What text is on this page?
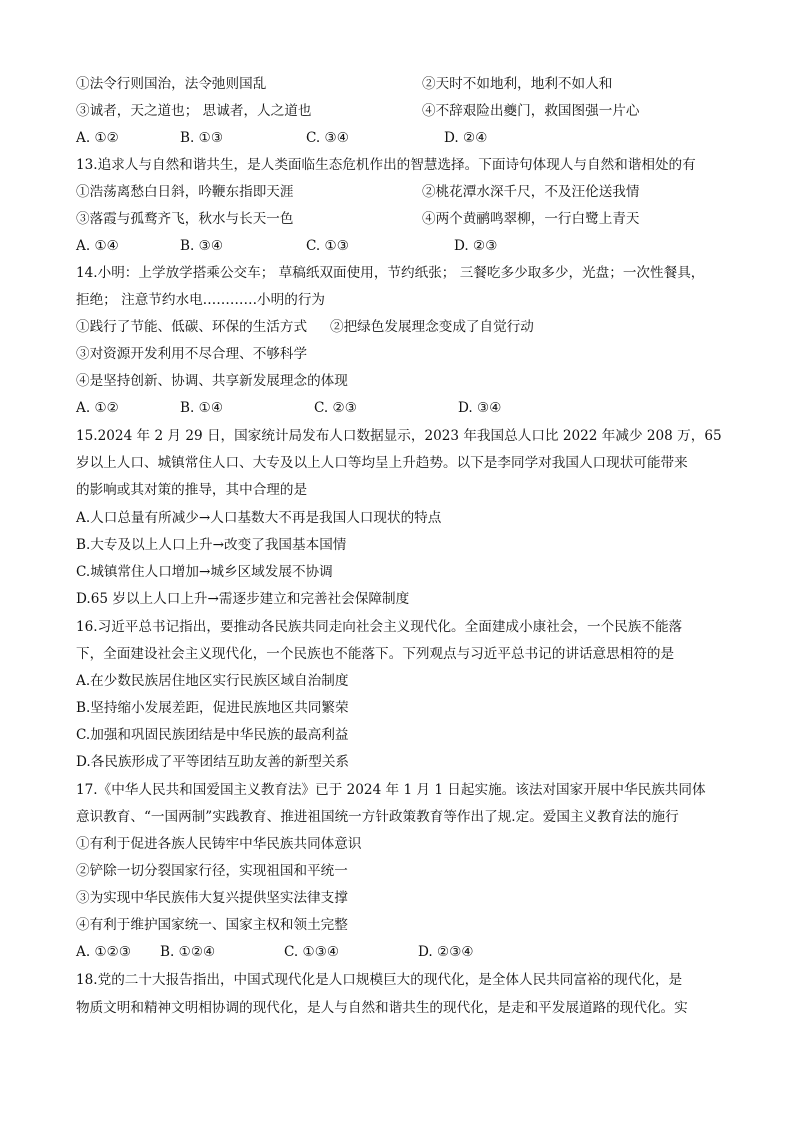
①法令行则国治，法令弛则国乱	②天时不如地利，地利不如人和
③诚者，天之道也； 思诚者，人之道也	④不辞艰险出夔门，救国图强一片心
A. ①②	B. ①③	C. ③④	D. ②④
13.追求人与自然和谐共生，是人类面临生态危机作出的智慧选择。下面诗句体现人与自然和谐相处的有
①浩荡离愁白日斜，吟鞭东指即天涯	②桃花潭水深千尺，不及汪伦送我情
③落霞与孤鹜齐飞，秋水与长天一色	④两个黄鹂鸣翠柳，一行白鹭上青天
A. ①④	B. ③④	C. ①③	D. ②③
14.小明：上学放学搭乘公交车； 草稿纸双面使用，节约纸张； 三餐吃多少取多少，光盘；一次性餐具，
拒绝； 注意节约水电…………小明的行为
①践行了节能、低碳、环保的生活方式 ②把绿色发展理念变成了自觉行动
③对资源开发利用不尽合理、不够科学
④是坚持创新、协调、共享新发展理念的体现
A. ①②	B. ①④	C. ②③	D. ③④
15.2024 年 2 月 29 日，国家统计局发布人口数据显示，2023 年我国总人口比 2022 年减少 208 万，65
岁以上人口、城镇常住人口、大专及以上人口等均呈上升趋势。以下是李同学对我国人口现状可能带来
的影响或其对策的推导，其中合理的是
A.人口总量有所减少→人口基数大不再是我国人口现状的特点
B.大专及以上人口上升→改变了我国基本国情
C.城镇常住人口增加→城乡区域发展不协调
D.65 岁以上人口上升→需逐步建立和完善社会保障制度
16.习近平总书记指出，要推动各民族共同走向社会主义现代化。全面建成小康社会，一个民族不能落
下，全面建设社会主义现代化，一个民族也不能落下。下列观点与习近平总书记的讲话意思相符的是
A.在少数民族居住地区实行民族区域自治制度
B.坚持缩小发展差距，促进民族地区共同繁荣
C.加强和巩固民族团结是中华民族的最高利益
D.各民族形成了平等团结互助友善的新型关系
17.《中华人民共和国爱国主义教育法》已于 2024 年 1 月 1 日起实施。该法对国家开展中华民族共同体
意识教育、“一国两制”实践教育、推进祖国统一方针政策教育等作出了规.定。爱国主义教育法的施行
①有利于促进各族人民铸牢中华民族共同体意识
②铲除一切分裂国家行径，实现祖国和平统一
③为实现中华民族伟大复兴提供坚实法律支撑
④有利于维护国家统一、国家主权和领土完整
A. ①②③ B. ①②④	C. ①③④	D. ②③④
18.党的二十大报告指出，中国式现代化是人口规模巨大的现代化，是全体人民共同富裕的现代化，是
物质文明和精神文明相协调的现代化，是人与自然和谐共生的现代化，是走和平发展道路的现代化。实
